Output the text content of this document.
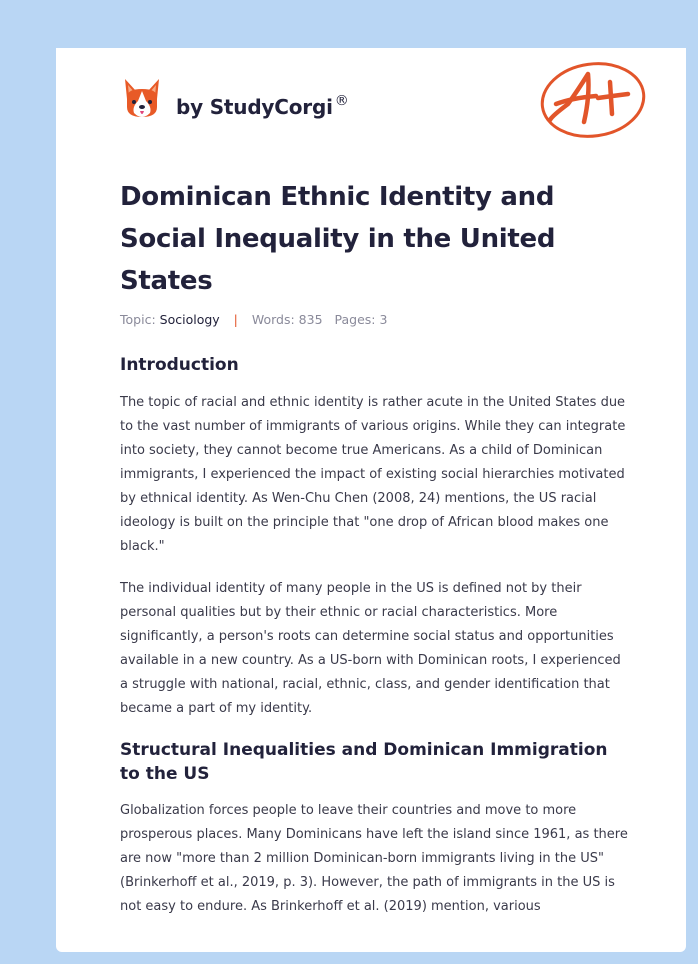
by StudyCorgi ®
Dominican Ethnic Identity and Social Inequality in the United States
Topic: Sociology | Words: 835 Pages: 3
Introduction

The topic of racial and ethnic identity is rather acute in the United States due to the vast number of immigrants of various origins. While they can integrate into society, they cannot become true Americans. As a child of Dominican immigrants, I experienced the impact of existing social hierarchies motivated by ethnical identity. As Wen-Chu Chen (2008, 24) mentions, the US racial ideology is built on the principle that "one drop of African blood makes one black."

The individual identity of many people in the US is defined not by their personal qualities but by their ethnic or racial characteristics. More significantly, a person's roots can determine social status and opportunities available in a new country. As a US-born with Dominican roots, I experienced a struggle with national, racial, ethnic, class, and gender identification that became a part of my identity.

Structural Inequalities and Dominican Immigration to the US

Globalization forces people to leave their countries and move to more prosperous places. Many Dominicans have left the island since 1961, as there are now "more than 2 million Dominican-born immigrants living in the US" (Brinkerhoff et al., 2019, p. 3). However, the path of immigrants in the US is not easy to endure. As Brinkerhoff et al. (2019) mention, various
